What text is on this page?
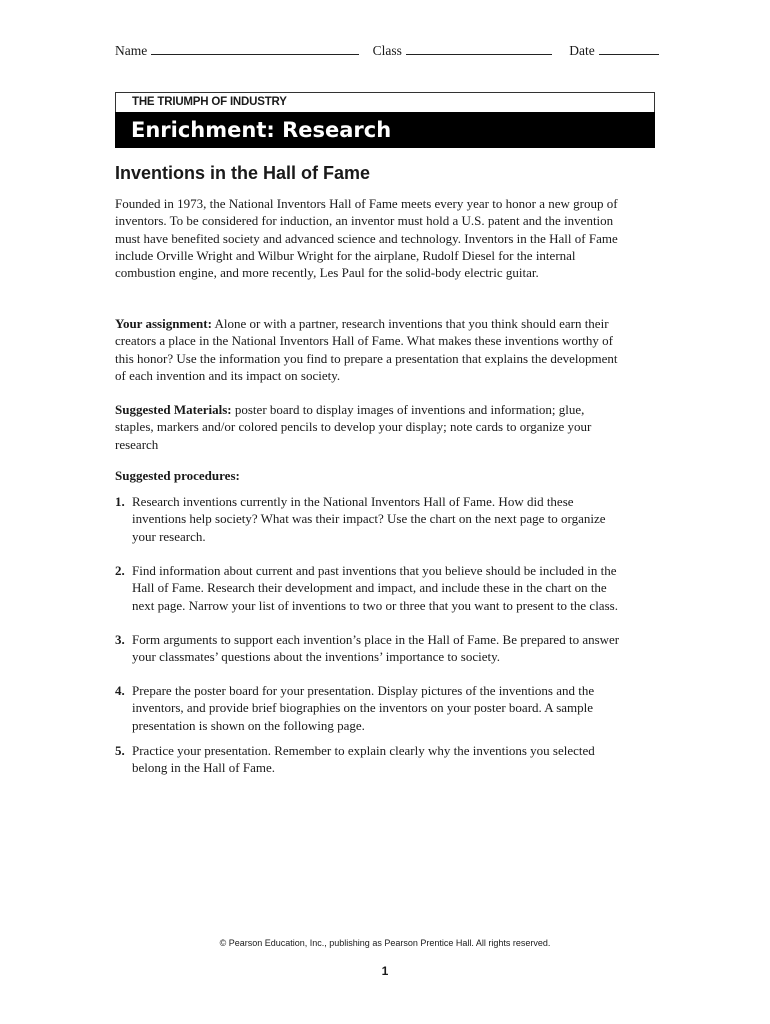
Name	Class	Date
THE TRIUMPH OF INDUSTRY
Enrichment: Research
Inventions in the Hall of Fame

Founded in 1973, the National Inventors Hall of Fame meets every year to honor a new group of inventors. To be considered for induction, an inventor must hold a U.S. patent and the invention must have benefited society and advanced science and technology. Inventors in the Hall of Fame include Orville Wright and Wilbur Wright for the airplane, Rudolf Diesel for the internal combustion engine, and more recently, Les Paul for the solid-body electric guitar.

Your assignment: Alone or with a partner, research inventions that you think should earn their creators a place in the National Inventors Hall of Fame. What makes these inventions worthy of this honor? Use the information you find to prepare a presentation that explains the development of each invention and its impact on society.

Suggested Materials: poster board to display images of inventions and information; glue, staples, markers and/or colored pencils to develop your display; note cards to organize your research

Suggested procedures:

1. Research inventions currently in the National Inventors Hall of Fame. How did these inventions help society? What was their impact? Use the chart on the next page to organize your research.
2. Find information about current and past inventions that you believe should be included in the Hall of Fame. Research their development and impact, and include these in the chart on the next page. Narrow your list of inventions to two or three that you want to present to the class.
3. Form arguments to support each invention’s place in the Hall of Fame. Be prepared to answer your classmates’ questions about the inventions’ importance to society.
4. Prepare the poster board for your presentation. Display pictures of the inventions and the inventors, and provide brief biographies on the inventors on your poster board. A sample presentation is shown on the following page.
5. Practice your presentation. Remember to explain clearly why the inventions you selected belong in the Hall of Fame.
© Pearson Education, Inc., publishing as Pearson Prentice Hall. All rights reserved.
1
